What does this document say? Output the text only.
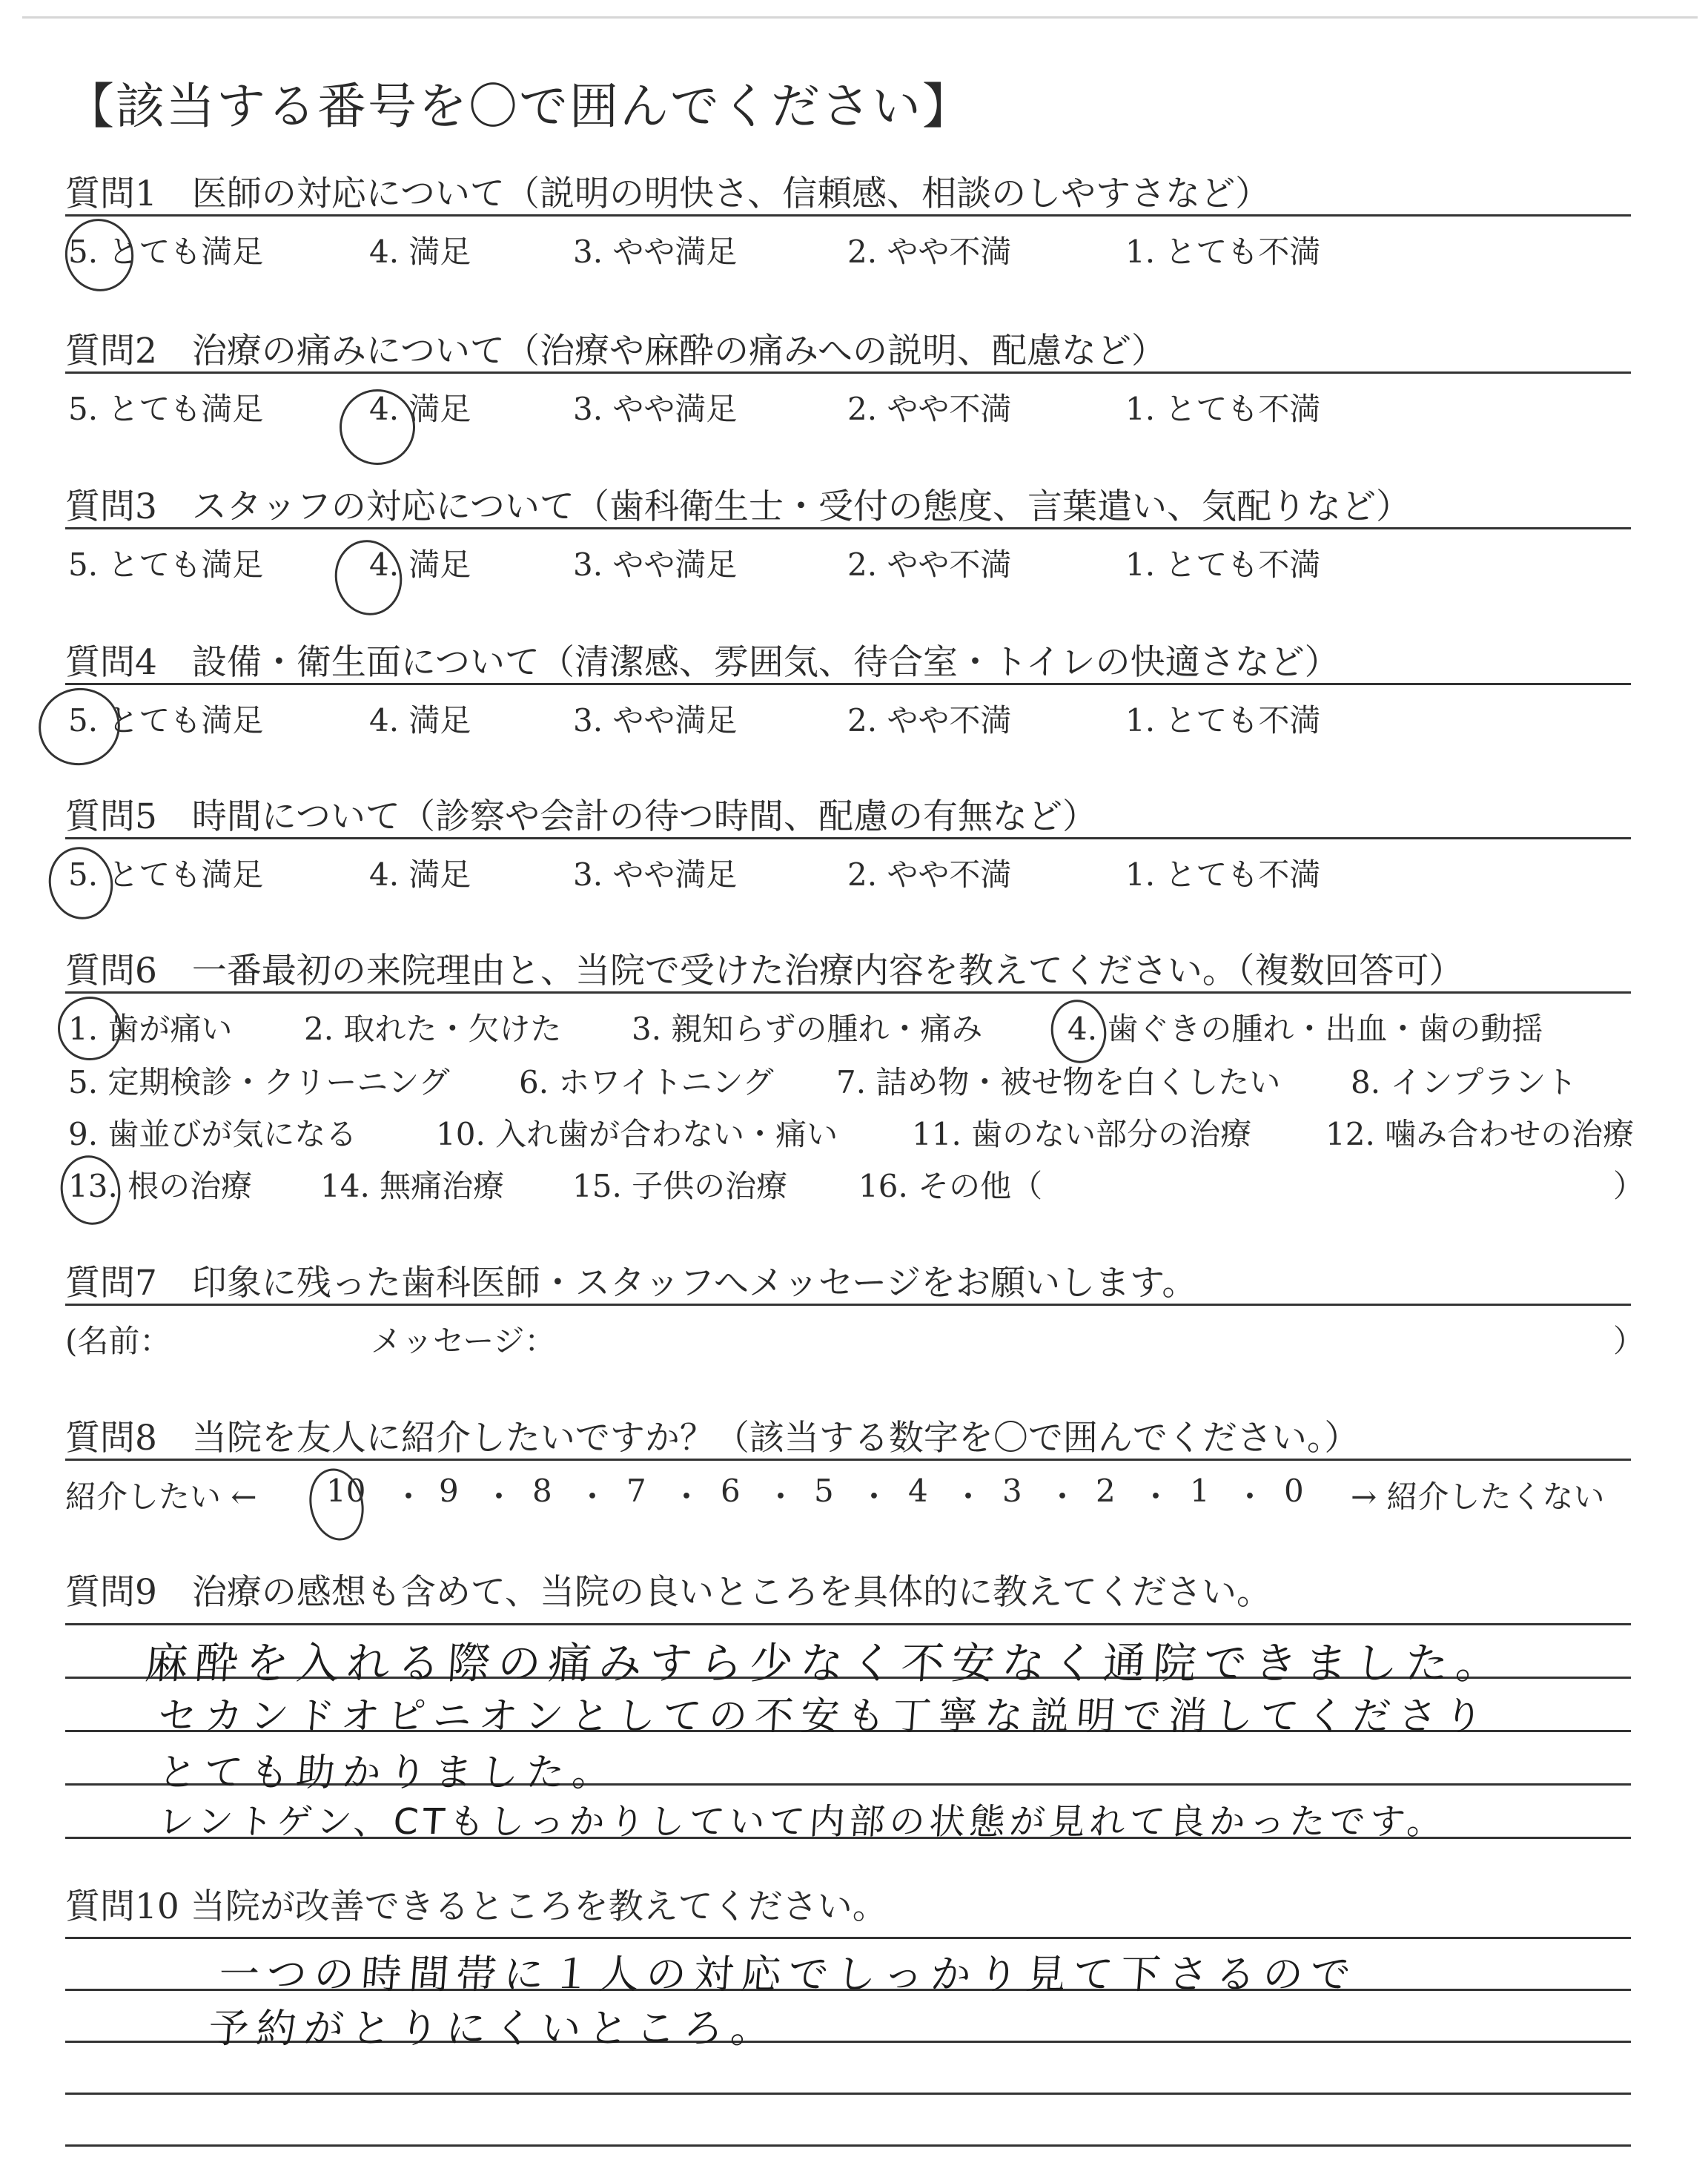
【該当する番号を〇で囲んでください】
質問1　医師の対応について（説明の明快さ、信頼感、相談のしやすさなど）
5. とても満足	4. 満足	3. やや満足	2. やや不満	1. とても不満
質問2　治療の痛みについて（治療や麻酔の痛みへの説明、配慮など）
5. とても満足	4. 満足	3. やや満足	2. やや不満	1. とても不満
質問3　スタッフの対応について（歯科衛生士・受付の態度、言葉遣い、気配りなど）
5. とても満足	4. 満足	3. やや満足	2. やや不満	1. とても不満
質問4　設備・衛生面について（清潔感、雰囲気、待合室・トイレの快適さなど）
5. とても満足	4. 満足	3. やや満足	2. やや不満	1. とても不満
質問5　時間について（診察や会計の待つ時間、配慮の有無など）
5. とても満足	4. 満足	3. やや満足	2. やや不満	1. とても不満
質問6　一番最初の来院理由と、当院で受けた治療内容を教えてください。（複数回答可）
1. 歯が痛い 2. 取れた・欠けた 3. 親知らずの腫れ・痛み	4. 歯ぐきの腫れ・出血・歯の動揺
5. 定期検診・クリーニング 6. ホワイトニング 7. 詰め物・被せ物を白くしたい 8. インプラント
9. 歯並びが気になる	10. 入れ歯が合わない・痛い 11. 歯のない部分の治療 12. 噛み合わせの治療
13. 根の治療 14. 無痛治療 15. 子供の治療 16. その他（	）
質問7　印象に残った歯科医師・スタッフへメッセージをお願いします。
(名前：	メッセージ：	）
質問8　当院を友人に紹介したいですか？（該当する数字を〇で囲んでください。）
紹介したい ← 10 ・ 9 ・ 8 ・ 7 ・ 6 ・ 5 ・ 4 ・ 3 ・ 2 ・ 1 ・ 0 → 紹介したくない
質問9　治療の感想も含めて、当院の良いところを具体的に教えてください。
麻酔を入れる際の痛みすら少なく不安なく通院できました。
セカンドオピニオンとしての不安も丁寧な説明で消してくださり
とても助かりました。
レントゲン、CTもしっかりしていて内部の状態が見れて良かったです。
質問10 当院が改善できるところを教えてください。
一つの時間帯に１人の対応でしっかり見て下さるので
予約がとりにくいところ。
